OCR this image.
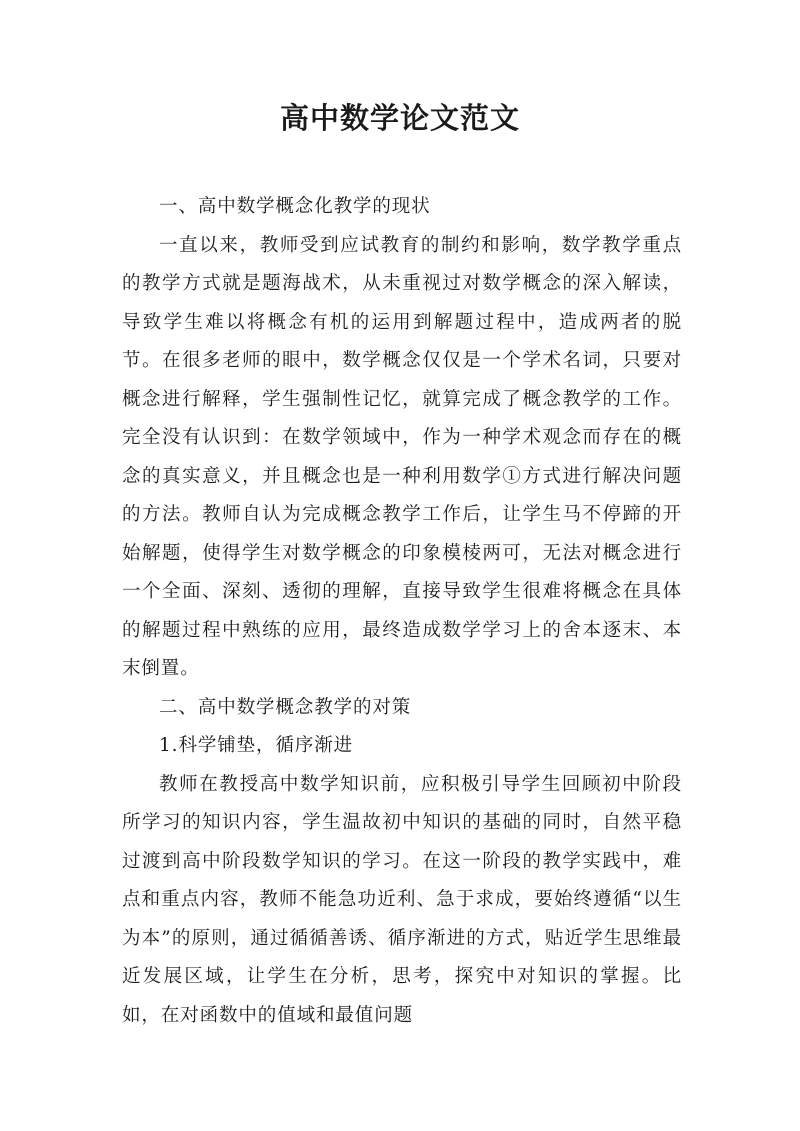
高中数学论文范文

一、高中数学概念化教学的现状

一直以来，教师受到应试教育的制约和影响，数学教学重点的教学方式就是题海战术，从未重视过对数学概念的深入解读，导致学生难以将概念有机的运用到解题过程中，造成两者的脱节。在很多老师的眼中，数学概念仅仅是一个学术名词，只要对概念进行解释，学生强制性记忆，就算完成了概念教学的工作。完全没有认识到：在数学领域中，作为一种学术观念而存在的概念的真实意义，并且概念也是一种利用数学①方式进行解决问题的方法。教师自认为完成概念教学工作后，让学生马不停蹄的开始解题，使得学生对数学概念的印象模棱两可，无法对概念进行一个全面、深刻、透彻的理解，直接导致学生很难将概念在具体的解题过程中熟练的应用，最终造成数学学习上的舍本逐末、本末倒置。

二、高中数学概念教学的对策

1.科学铺垫，循序渐进

教师在教授高中数学知识前，应积极引导学生回顾初中阶段所学习的知识内容，学生温故初中知识的基础的同时，自然平稳过渡到高中阶段数学知识的学习。在这一阶段的教学实践中，难点和重点内容，教师不能急功近利、急于求成，要始终遵循“以生为本”的原则，通过循循善诱、循序渐进的方式，贴近学生思维最近发展区域，让学生在分析，思考，探究中对知识的掌握。比如，在对函数中的值域和最值问题
